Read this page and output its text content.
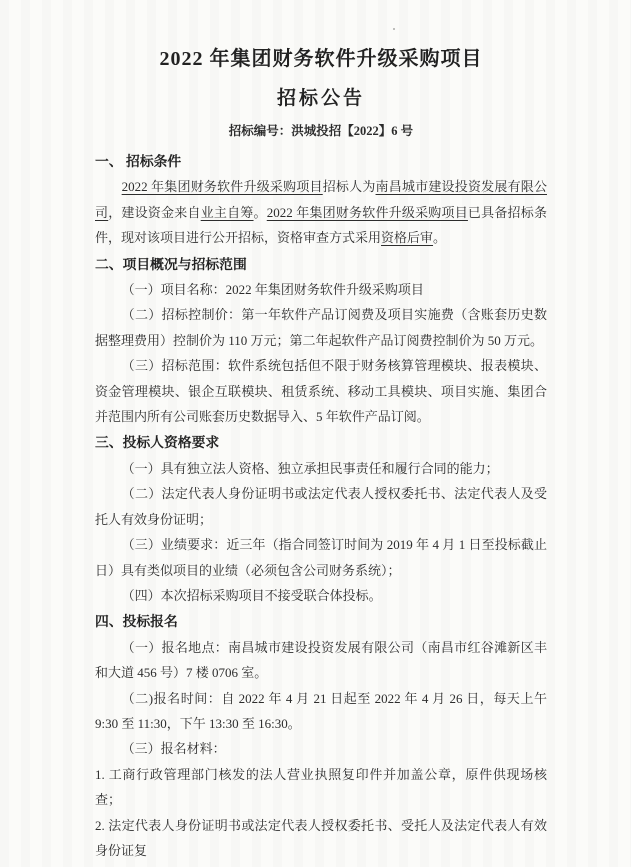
2022 年集团财务软件升级采购项目
招标公告
招标编号：洪城投招【2022】6 号
一、 招标条件

2022 年集团财务软件升级采购项目招标人为南昌城市建设投资发展有限公司，建设资金来自业主自筹。2022 年集团财务软件升级采购项目已具备招标条件，现对该项目进行公开招标，资格审查方式采用资格后审。

二、项目概况与招标范围

（一）项目名称：2022 年集团财务软件升级采购项目

（二）招标控制价：第一年软件产品订阅费及项目实施费（含账套历史数据整理费用）控制价为 110 万元；第二年起软件产品订阅费控制价为 50 万元。

（三）招标范围：软件系统包括但不限于财务核算管理模块、报表模块、资金管理模块、银企互联模块、租赁系统、移动工具模块、项目实施、集团合并范围内所有公司账套历史数据导入、5 年软件产品订阅。

三、投标人资格要求

（一）具有独立法人资格、独立承担民事责任和履行合同的能力；

（二）法定代表人身份证明书或法定代表人授权委托书、法定代表人及受托人有效身份证明；

（三）业绩要求：近三年（指合同签订时间为 2019 年 4 月 1 日至投标截止日）具有类似项目的业绩（必须包含公司财务系统）；

（四）本次招标采购项目不接受联合体投标。

四、投标报名

（一）报名地点：南昌城市建设投资发展有限公司（南昌市红谷滩新区丰和大道 456 号）7 楼 0706 室。

（二)报名时间：自 2022 年 4 月 21 日起至 2022 年 4 月 26 日，每天上午 9:30 至 11:30，下午 13:30 至 16:30。

（三）报名材料：

1. 工商行政管理部门核发的法人营业执照复印件并加盖公章，原件供现场核查；

2. 法定代表人身份证明书或法定代表人授权委托书、受托人及法定代表人有效身份证复
